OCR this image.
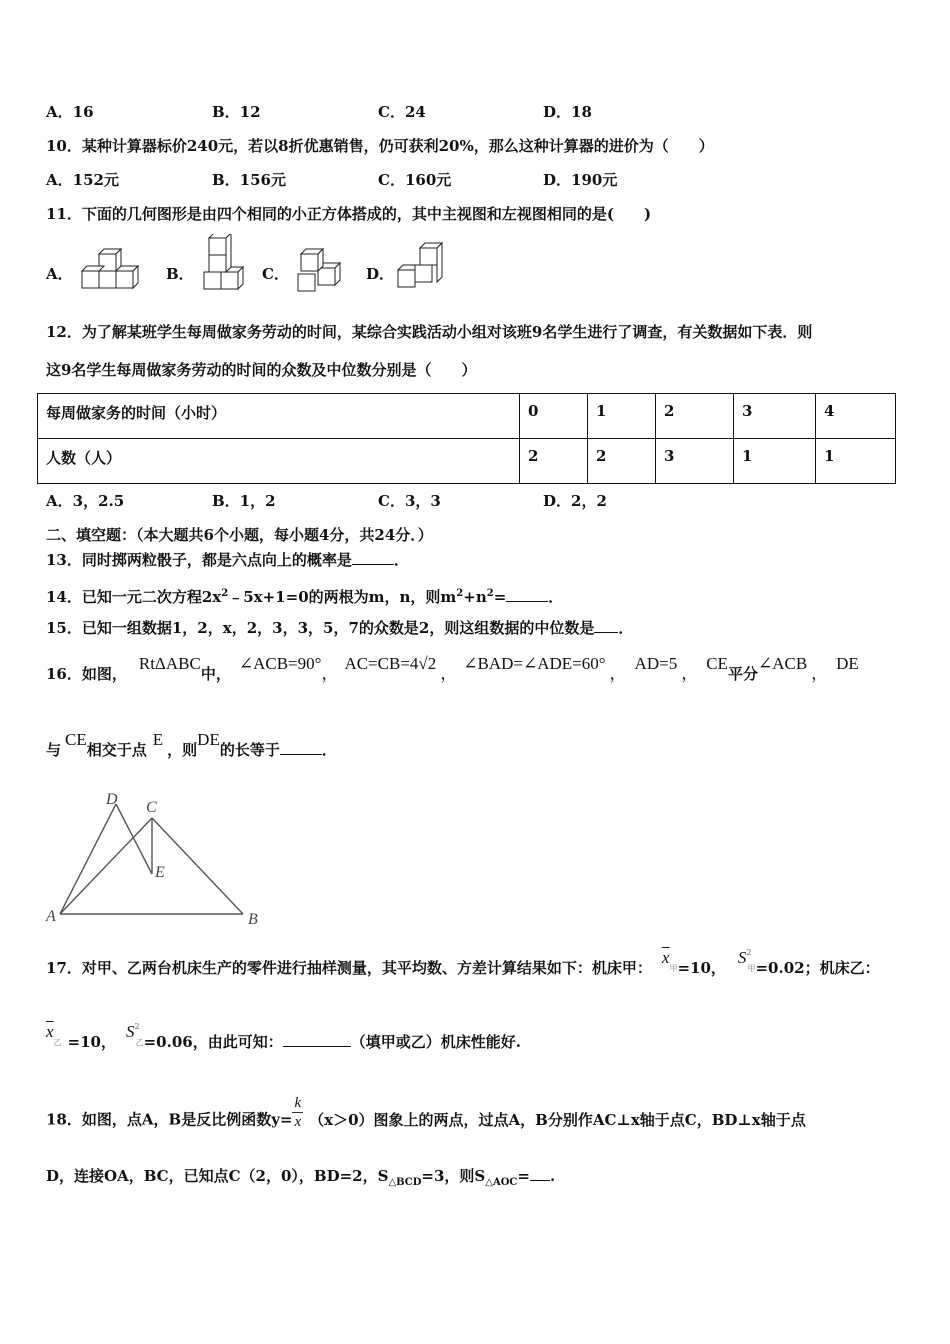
A．16	B．12	C．24	D．18
10．某种计算器标价240元，若以8折优惠销售，仍可获利20%，那么这种计算器的进价为（　　）
A．152元	B．156元	C．160元	D．190元
11．下面的几何图形是由四个相同的小正方体搭成的，其中主视图和左视图相同的是(　　)
A．	B．	C．	D．
12．为了解某班学生每周做家务劳动的时间，某综合实践活动小组对该班9名学生进行了调查，有关数据如下表．则
这9名学生每周做家务劳动的时间的众数及中位数分别是（　　）
每周做家务的时间（小时）	0	1	2	3	4
人数（人）	2	2	3	1	1
A．3，2.5	B．1，2	C．3，3	D．2，2
二、填空题：（本大题共6个小题，每小题4分，共24分．）
13．同时掷两粒骰子，都是六点向上的概率是	．
14．已知一元二次方程$2x^2﹣5x+1=0$的两根为m，n，则$m^2+n^2=$	．
15．已知一组数据1，2，x，2，3，3，5，7的众数是2，则这组数据的中位数是 ．
16．如图，RtΔABC中，∠ACB=90°，AC=CB=4√2，∠BAD=∠ADE=60°，AD=5，CE平分∠ACB，DE
与CE相交于点E，则DE的长等于	．
D C
E
A	B
17．对甲、乙两台机床生产的零件进行抽样测量，其平均数、方差计算结果如下：机床甲：$\overline{x}_甲=10$，$S^2_甲=0.02$；机床乙：
$\overline{x}_乙 =10$，$S^2_乙=0.06$，由此可知：	（填甲或乙）机床性能好.
18．如图，点A，B是反比例函数$y= \frac{k}{x} (x>0)$图象上的两点，过点A，B分别作AC⊥x轴于点C，BD⊥x轴于点
D，连接OA，BC，已知点C（2，0），BD=2，$S_{\triangle BCD}=3$，则$S_{\triangle AOC}=$ .
